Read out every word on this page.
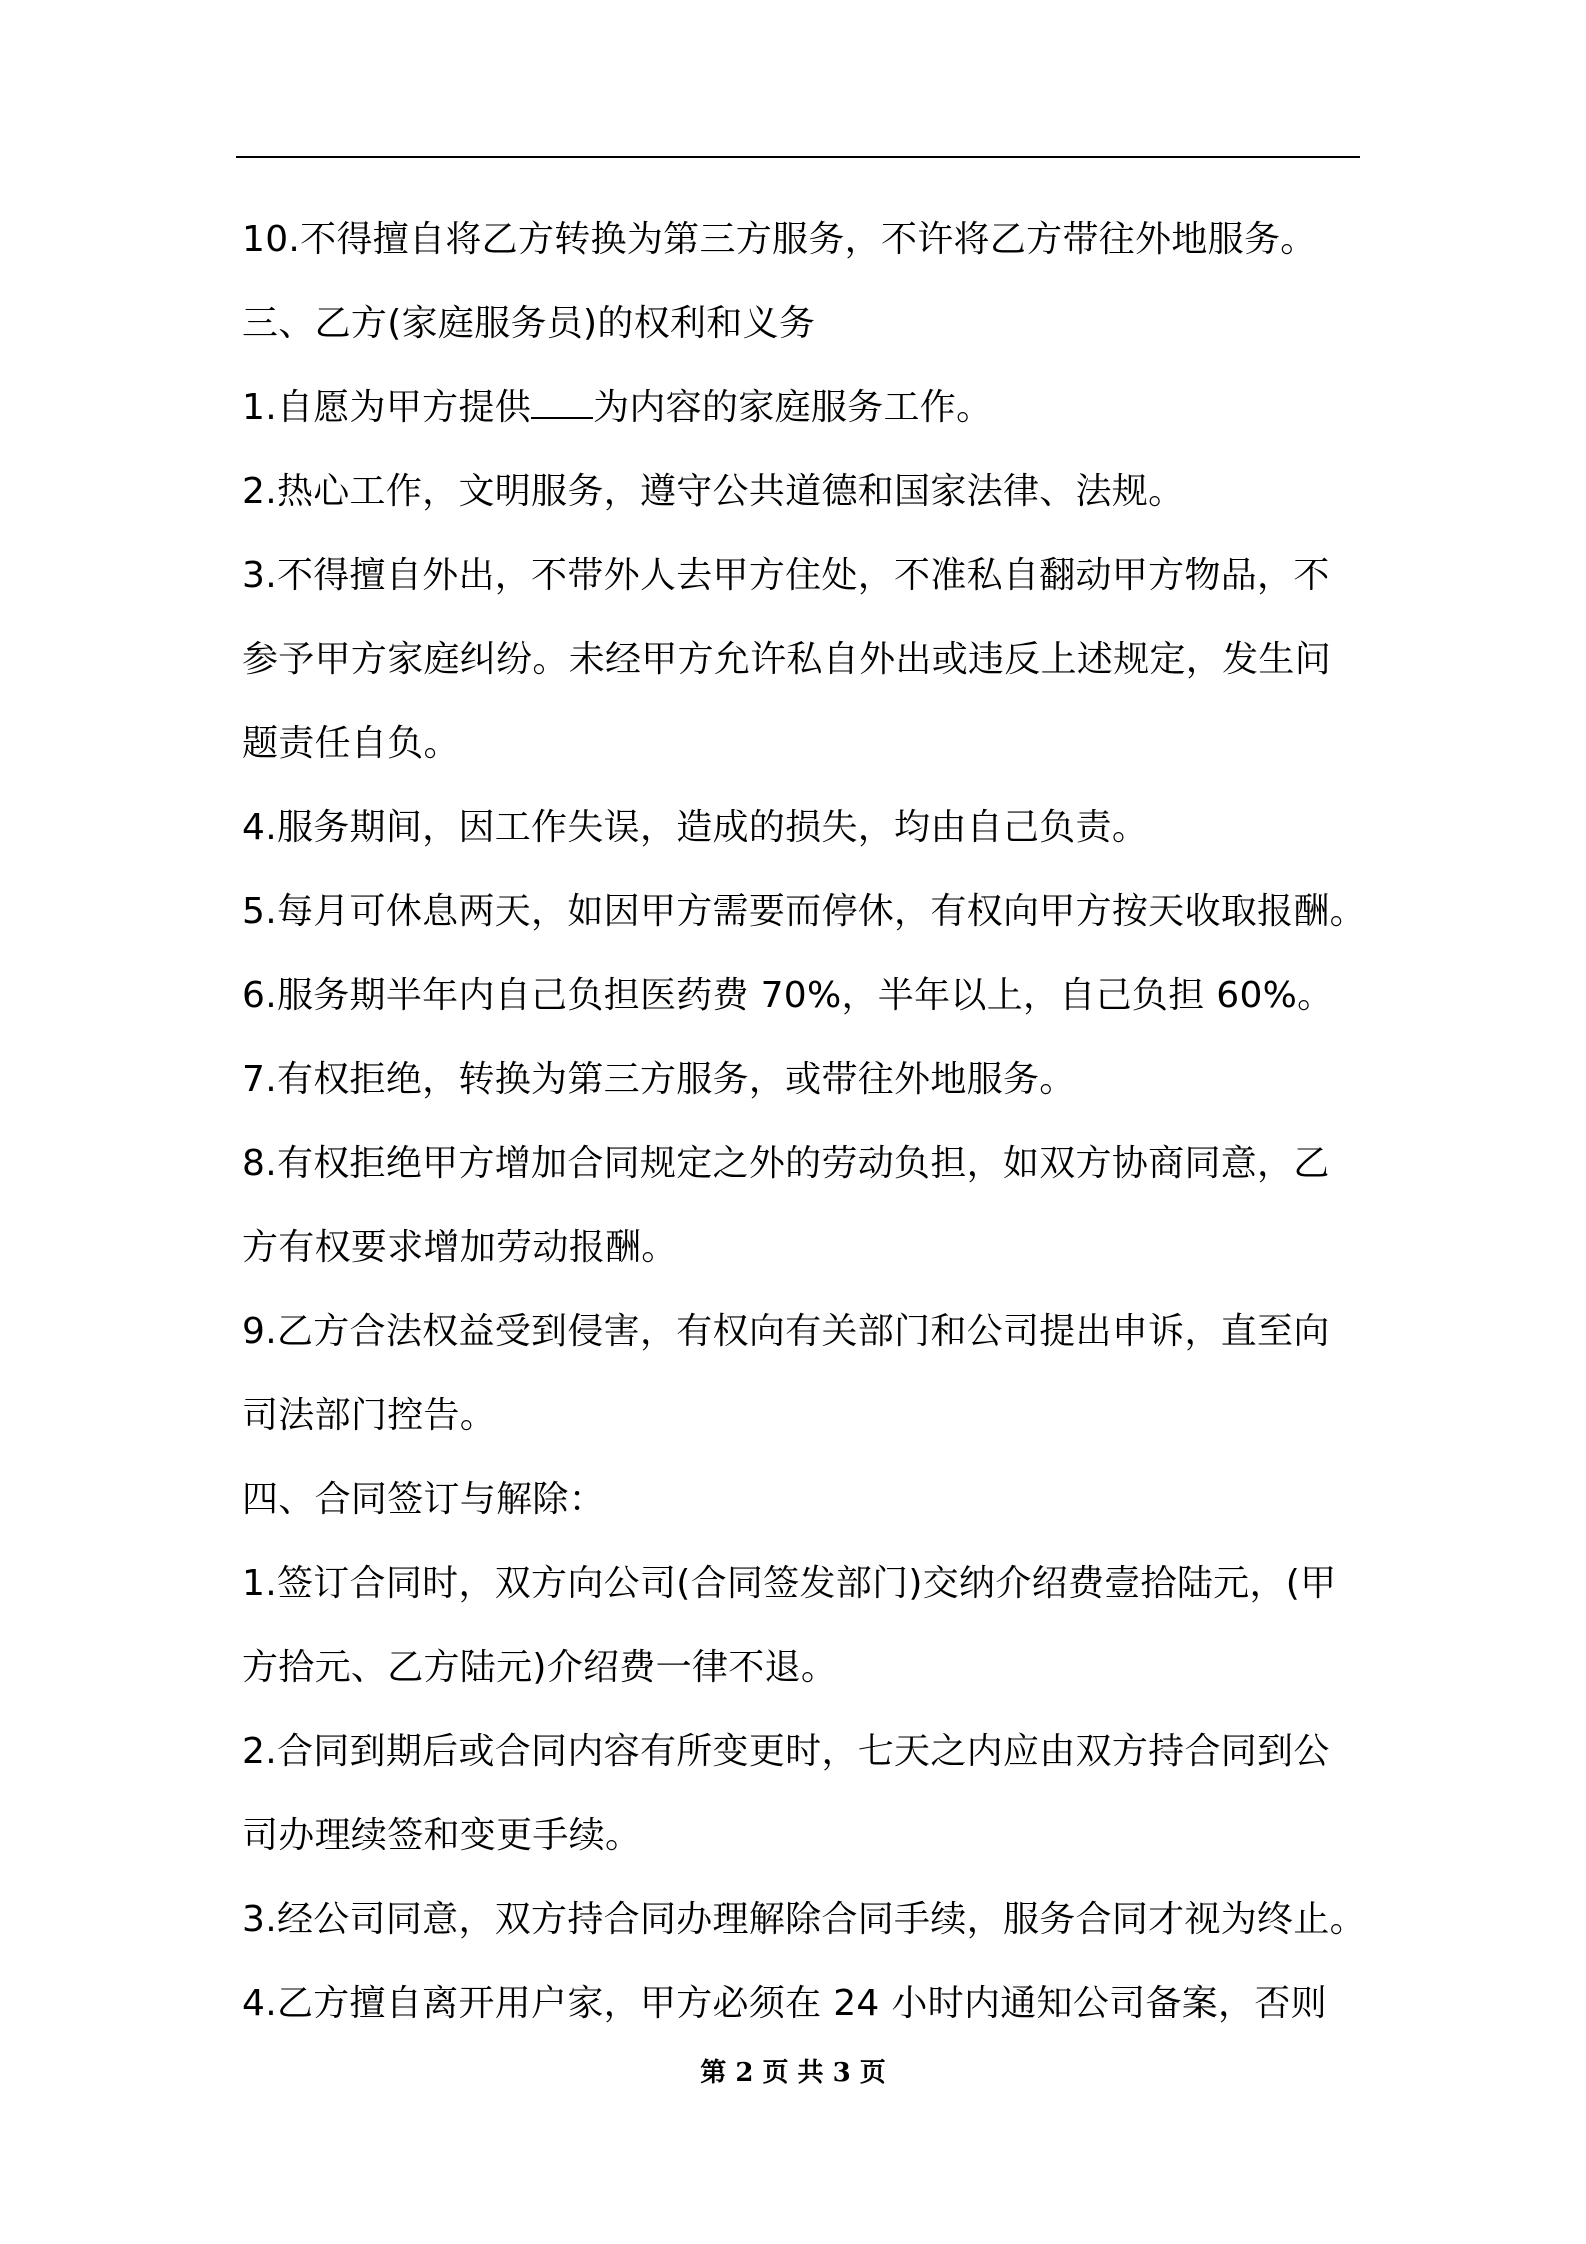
10.不得擅自将乙方转换为第三方服务，不许将乙方带往外地服务。
三、乙方(家庭服务员)的权利和义务
1.自愿为甲方提供 为内容的家庭服务工作。
2.热心工作，文明服务，遵守公共道德和国家法律、法规。
3.不得擅自外出，不带外人去甲方住处，不准私自翻动甲方物品，不
参予甲方家庭纠纷。未经甲方允许私自外出或违反上述规定，发生问
题责任自负。
4.服务期间，因工作失误，造成的损失，均由自己负责。
5.每月可休息两天，如因甲方需要而停休，有权向甲方按天收取报酬。
6.服务期半年内自己负担医药费 70%，半年以上，自己负担 60%。
7.有权拒绝，转换为第三方服务，或带往外地服务。
8.有权拒绝甲方增加合同规定之外的劳动负担，如双方协商同意，乙
方有权要求增加劳动报酬。
9.乙方合法权益受到侵害，有权向有关部门和公司提出申诉，直至向
司法部门控告。
四、合同签订与解除：
1.签订合同时，双方向公司(合同签发部门)交纳介绍费壹拾陆元，(甲
方拾元、乙方陆元)介绍费一律不退。
2.合同到期后或合同内容有所变更时，七天之内应由双方持合同到公
司办理续签和变更手续。
3.经公司同意，双方持合同办理解除合同手续，服务合同才视为终止。
4.乙方擅自离开用户家，甲方必须在 24 小时内通知公司备案，否则
第 2 页 共 3 页
